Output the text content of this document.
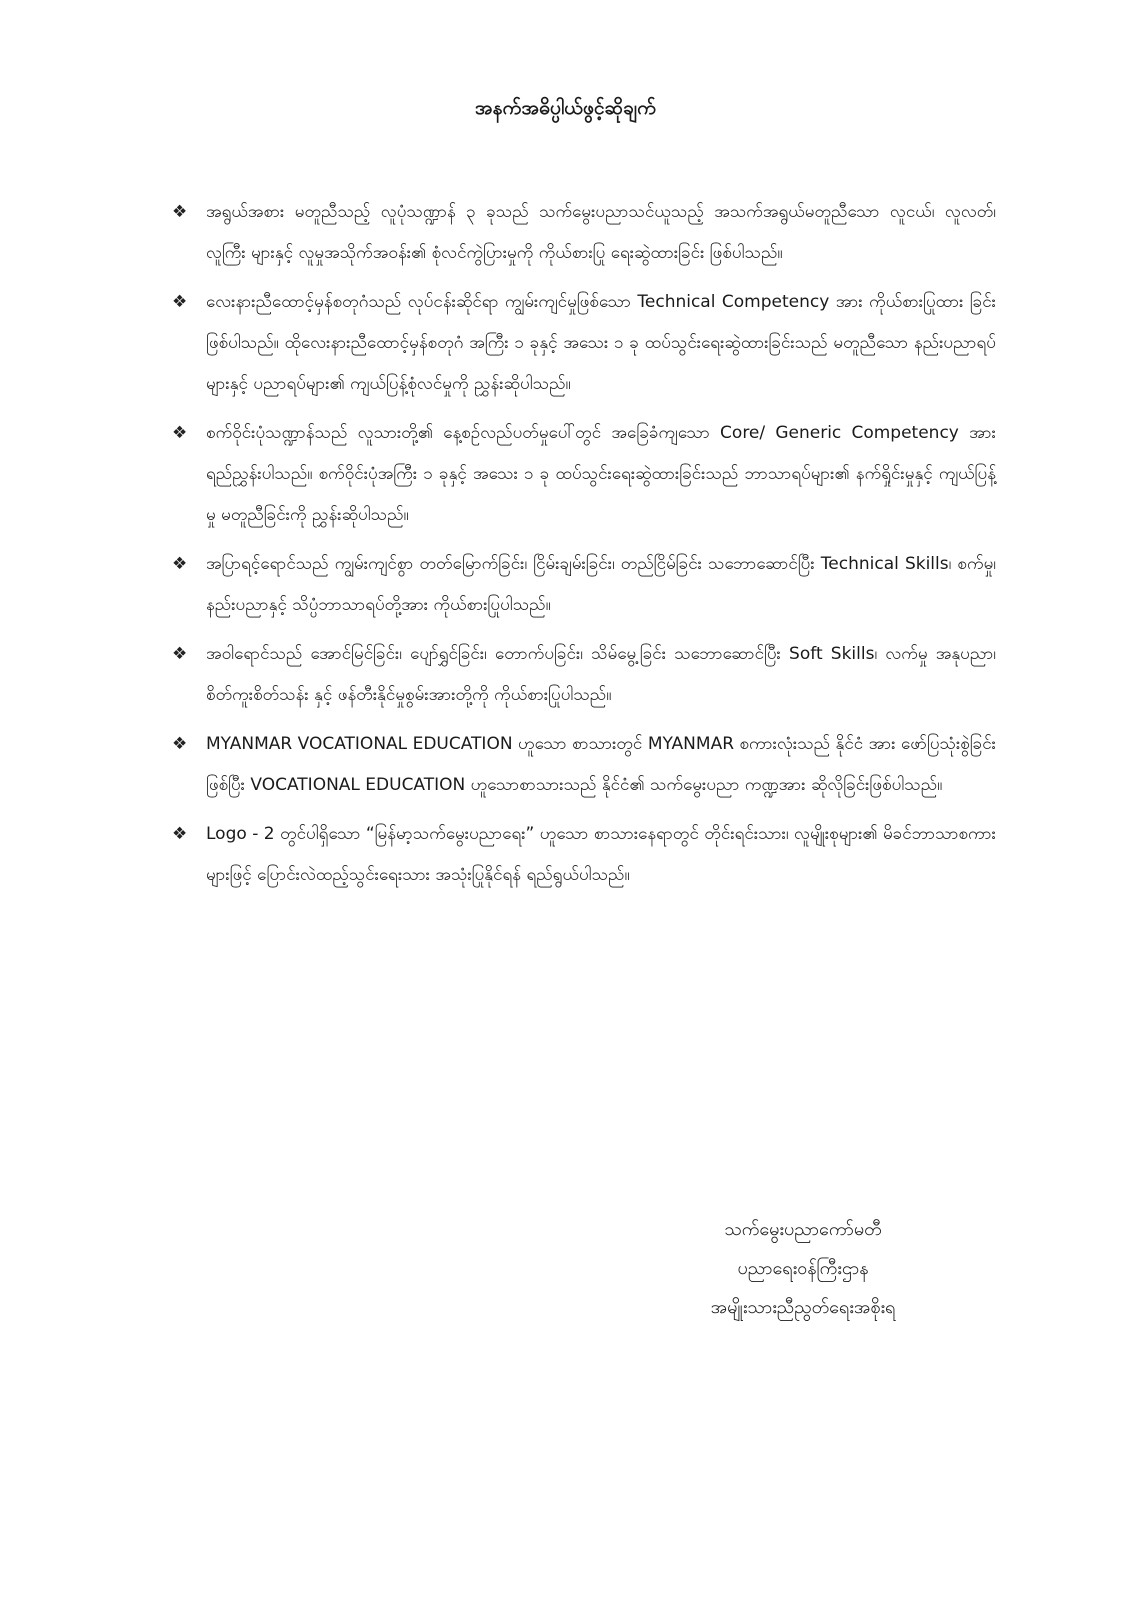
အနက်အဓိပ္ပါယ်ဖွင့်ဆိုချက်
❖ အရွယ်အစား မတူညီသည့် လူပုံသဏ္ဍာန် ၃ ခုသည် သက်မွေးပညာသင်ယူသည့် အသက်အရွယ်မတူညီသော လူငယ်၊ လူလတ်၊ လူကြီး များနှင့် လူမှုအသိုက်အဝန်း၏ စုံလင်ကွဲပြားမှုကို ကိုယ်စားပြု ရေးဆွဲထားခြင်း ဖြစ်ပါသည်။
❖ လေးနားညီထောင့်မှန်စတုဂံသည် လုပ်ငန်းဆိုင်ရာ ကျွမ်းကျင်မှုဖြစ်သော Technical Competency အား ကိုယ်စားပြုထား ခြင်း ဖြစ်ပါသည်။ ထိုလေးနားညီထောင့်မှန်စတုဂံ အကြီး ၁ ခုနှင့် အသေး ၁ ခု ထပ်သွင်းရေးဆွဲထားခြင်းသည် မတူညီသော နည်းပညာရပ်များနှင့် ပညာရပ်များ၏ ကျယ်ပြန့်စုံလင်မှုကို ညွှန်းဆိုပါသည်။
❖ စက်ဝိုင်းပုံသဏ္ဍာန်သည် လူသားတို့၏ နေ့စဉ်လည်ပတ်မှုပေါ်တွင် အခြေခံကျသော Core/ Generic Competency အား ရည်ညွှန်းပါသည်။ စက်ဝိုင်းပုံအကြီး ၁ ခုနှင့် အသေး ၁ ခု ထပ်သွင်းရေးဆွဲထားခြင်းသည် ဘာသာရပ်များ၏ နက်ရှိုင်းမှုနှင့် ကျယ်ပြန့်မှု မတူညီခြင်းကို ညွှန်းဆိုပါသည်။
❖ အပြာရင့်ရောင်သည် ကျွမ်းကျင်စွာ တတ်မြောက်ခြင်း၊ ငြိမ်းချမ်းခြင်း၊ တည်ငြိမ်ခြင်း သဘောဆောင်ပြီး Technical Skills၊ စက်မှု၊ နည်းပညာနှင့် သိပ္ပံဘာသာရပ်တို့အား ကိုယ်စားပြုပါသည်။
❖ အဝါရောင်သည် အောင်မြင်ခြင်း၊ ပျော်ရွှင်ခြင်း၊ တောက်ပခြင်း၊ သိမ်မွေ့ခြင်း သဘောဆောင်ပြီး Soft Skills၊ လက်မှု အနုပညာ၊ စိတ်ကူးစိတ်သန်း နှင့် ဖန်တီးနိုင်မှုစွမ်းအားတို့ကို ကိုယ်စားပြုပါသည်။
❖ MYANMAR VOCATIONAL EDUCATION ဟူသော စာသားတွင် MYANMAR စကားလုံးသည် နိုင်ငံ အား ဖော်ပြသုံးစွဲခြင်းဖြစ်ပြီး VOCATIONAL EDUCATION ဟူသောစာသားသည် နိုင်ငံ၏ သက်မွေးပညာ ကဏ္ဍအား ဆိုလိုခြင်းဖြစ်ပါသည်။
❖ Logo - 2 တွင်ပါရှိသော “မြန်မာ့သက်မွေးပညာရေး” ဟူသော စာသားနေရာတွင် တိုင်းရင်းသား၊ လူမျိုးစုများ၏ မိခင်ဘာသာစကားများဖြင့် ပြောင်းလဲထည့်သွင်းရေးသား အသုံးပြုနိုင်ရန် ရည်ရွယ်ပါသည်။
သက်မွေးပညာကော်မတီ
ပညာရေးဝန်ကြီးဌာန
အမျိုးသားညီညွတ်ရေးအစိုးရ
